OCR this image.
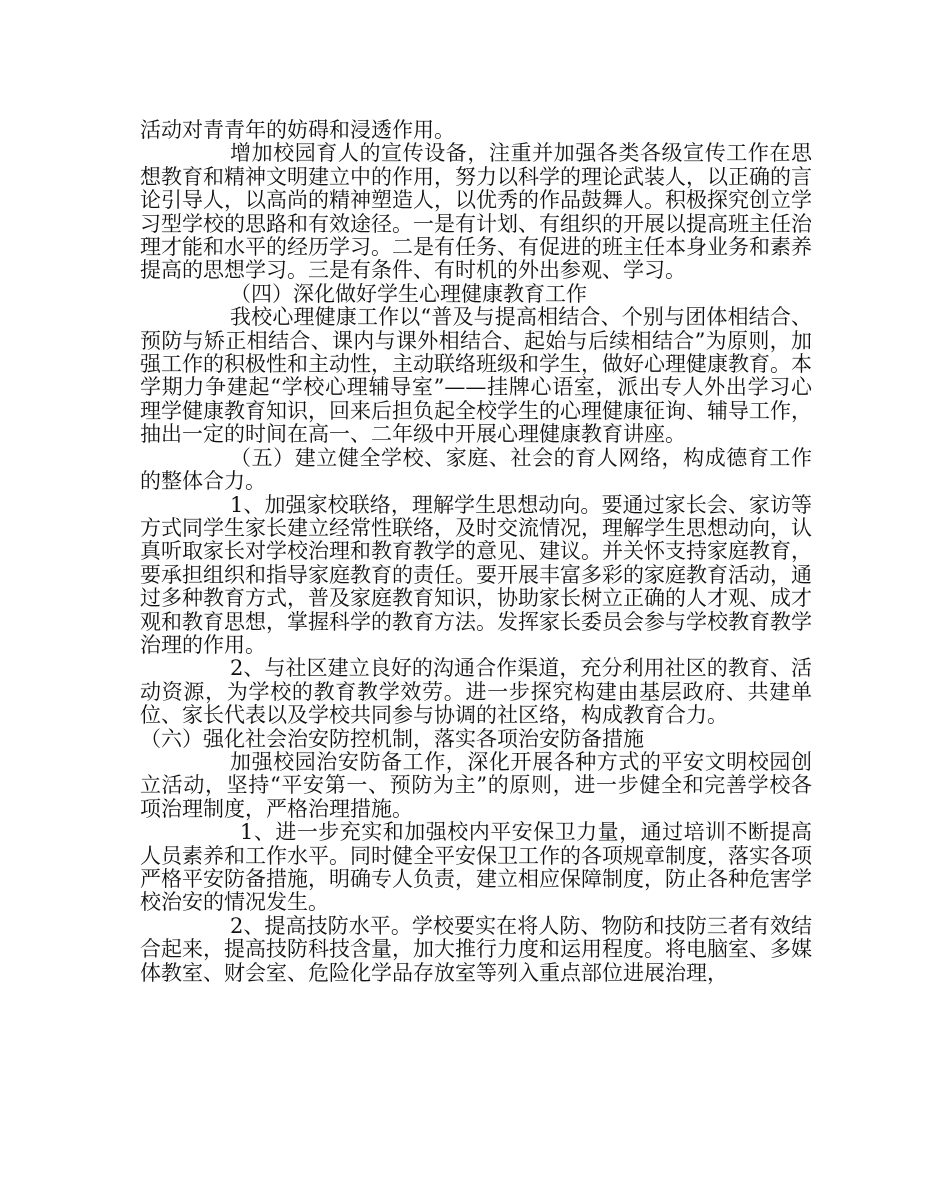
活动对青青年的妨碍和浸透作用。

增加校园育人的宣传设备，注重并加强各类各级宣传工作在思想教育和精神文明建立中的作用，努力以科学的理论武装人，以正确的言论引导人，以高尚的精神塑造人，以优秀的作品鼓舞人。积极探究创立学习型学校的思路和有效途径。一是有计划、有组织的开展以提高班主任治理才能和水平的经历学习。二是有任务、有促进的班主任本身业务和素养提高的思想学习。三是有条件、有时机的外出参观、学习。

（四）深化做好学生心理健康教育工作

我校心理健康工作以“普及与提高相结合、个别与团体相结合、预防与矫正相结合、课内与课外相结合、起始与后续相结合”为原则，加强工作的积极性和主动性，主动联络班级和学生，做好心理健康教育。本学期力争建起“学校心理辅导室”——挂牌心语室，派出专人外出学习心理学健康教育知识，回来后担负起全校学生的心理健康征询、辅导工作，抽出一定的时间在高一、二年级中开展心理健康教育讲座。

（五）建立健全学校、家庭、社会的育人网络，构成德育工作的整体合力。

1、加强家校联络，理解学生思想动向。要通过家长会、家访等方式同学生家长建立经常性联络，及时交流情况，理解学生思想动向，认真听取家长对学校治理和教育教学的意见、建议。并关怀支持家庭教育，要承担组织和指导家庭教育的责任。要开展丰富多彩的家庭教育活动，通过多种教育方式，普及家庭教育知识，协助家长树立正确的人才观、成才观和教育思想，掌握科学的教育方法。发挥家长委员会参与学校教育教学治理的作用。

2、与社区建立良好的沟通合作渠道，充分利用社区的教育、活动资源，为学校的教育教学效劳。进一步探究构建由基层政府、共建单位、家长代表以及学校共同参与协调的社区络，构成教育合力。

（六）强化社会治安防控机制，落实各项治安防备措施

加强校园治安防备工作，深化开展各种方式的平安文明校园创立活动，坚持“平安第一、预防为主”的原则，进一步健全和完善学校各项治理制度，严格治理措施。

1、进一步充实和加强校内平安保卫力量，通过培训不断提高人员素养和工作水平。同时健全平安保卫工作的各项规章制度，落实各项严格平安防备措施，明确专人负责，建立相应保障制度，防止各种危害学校治安的情况发生。

2、提高技防水平。学校要实在将人防、物防和技防三者有效结合起来，提高技防科技含量，加大推行力度和运用程度。将电脑室、多媒体教室、财会室、危险化学品存放室等列入重点部位进展治理，
